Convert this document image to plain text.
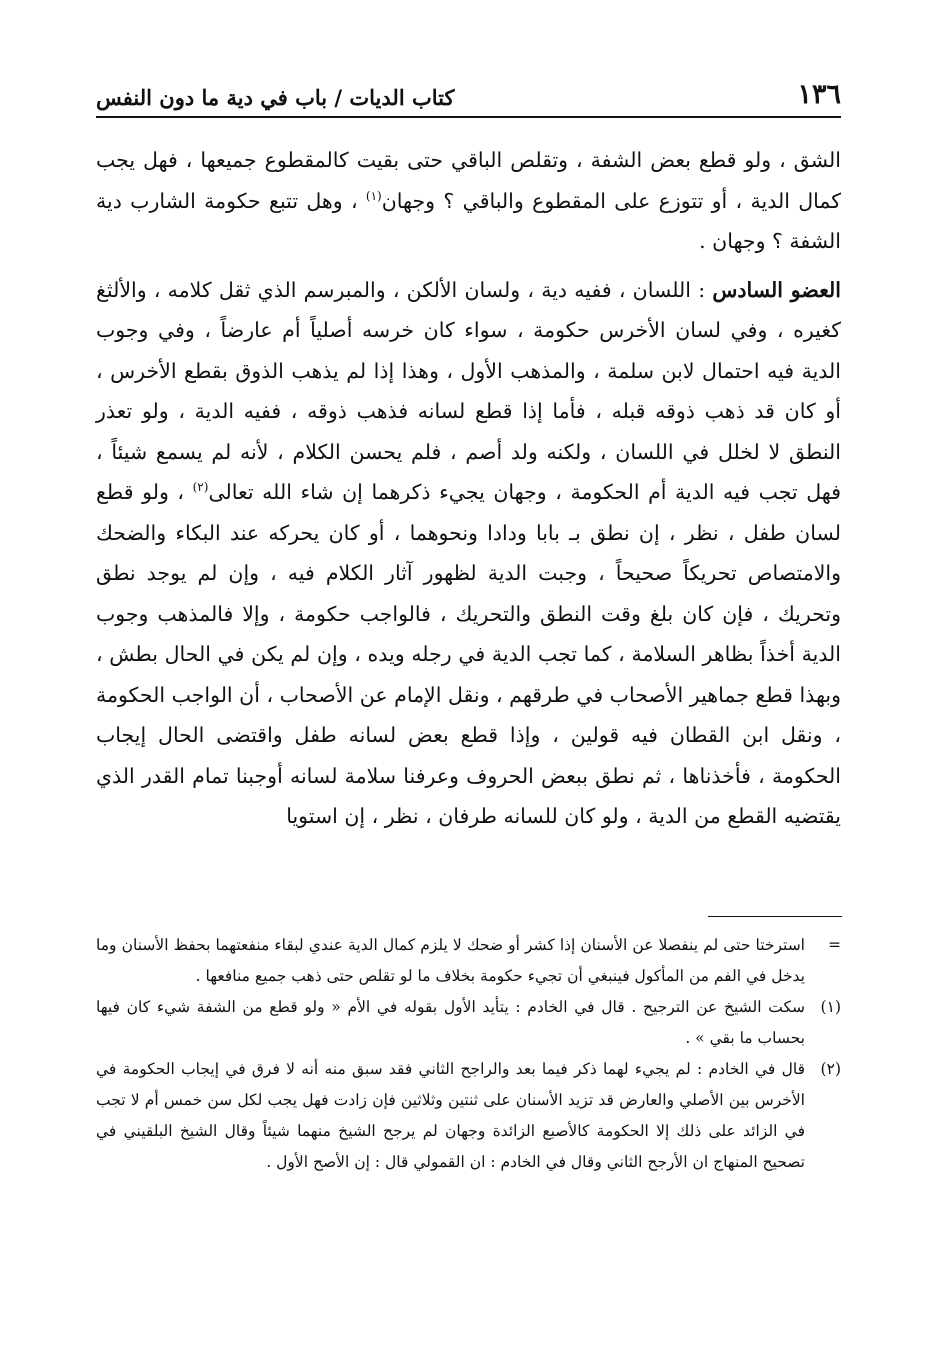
١٣٦
كتاب الديات / باب في دية ما دون النفس

الشق ، ولو قطع بعض الشفة ، وتقلص الباقي حتى بقيت كالمقطوع جميعها ، فهل يجب كمال الدية ، أو تتوزع على المقطوع والباقي ؟ وجهان$^{(١)}$ ، وهل تتبع حكومة الشارب دية الشفة ؟ وجهان .

العضو السادس : اللسان ، ففيه دية ، ولسان الألكن ، والمبرسم الذي ثقل كلامه ، والألثغ كغيره ، وفي لسان الأخرس حكومة ، سواء كان خرسه أصلياً أم عارضاً ، وفي وجوب الدية فيه احتمال لابن سلمة ، والمذهب الأول ، وهذا إذا لم يذهب الذوق بقطع الأخرس ، أو كان قد ذهب ذوقه قبله ، فأما إذا قطع لسانه فذهب ذوقه ، ففيه الدية ، ولو تعذر النطق لا لخلل في اللسان ، ولكنه ولد أصم ، فلم يحسن الكلام ، لأنه لم يسمع شيئاً ، فهل تجب فيه الدية أم الحكومة ، وجهان يجيء ذكرهما إن شاء الله تعالى$^{(٢)}$ ، ولو قطع لسان طفل ، نظر ، إن نطق بـ بابا ودادا ونحوهما ، أو كان يحركه عند البكاء والضحك والامتصاص تحريكاً صحيحاً ، وجبت الدية لظهور آثار الكلام فيه ، وإن لم يوجد نطق وتحريك ، فإن كان بلغ وقت النطق والتحريك ، فالواجب حكومة ، وإلا فالمذهب وجوب الدية أخذاً بظاهر السلامة ، كما تجب الدية في رجله ويده ، وإن لم يكن في الحال بطش ، وبهذا قطع جماهير الأصحاب في طرقهم ، ونقل الإمام عن الأصحاب ، أن الواجب الحكومة ، ونقل ابن القطان فيه قولين ، وإذا قطع بعض لسانه طفل واقتضى الحال إيجاب الحكومة ، فأخذناها ، ثم نطق ببعض الحروف وعرفنا سلامة لسانه أوجبنا تمام القدر الذي يقتضيه القطع من الدية ، ولو كان للسانه طرفان ، نظر ، إن استويا

=
استرختا حتى لم ينفصلا عن الأسنان إذا كشر أو ضحك لا يلزم كمال الدية عندي لبقاء منفعتهما بحفظ الأسنان وما يدخل في الفم من المأكول فينبغي أن تجيء حكومة بخلاف ما لو تقلص حتى ذهب جميع منافعها .
(١)
سكت الشيخ عن الترجيح . قال في الخادم : يتأيد الأول بقوله في الأم « ولو قطع من الشفة شيء كان فيها بحساب ما بقي » .
(٢)
قال في الخادم : لم يجيء لهما ذكر فيما بعد والراجح الثاني فقد سبق منه أنه لا فرق في إيجاب الحكومة في الأخرس بين الأصلي والعارض قد تزيد الأسنان على ثنتين وثلاثين فإن زادت فهل يجب لكل سن خمس أم لا تجب في الزائد على ذلك إلا الحكومة كالأصبع الزائدة وجهان لم يرجح الشيخ منهما شيئاً وقال الشيخ البلقيني في تصحيح المنهاج ان الأرجح الثاني وقال في الخادم : ان القمولي قال : إن الأصح الأول .
